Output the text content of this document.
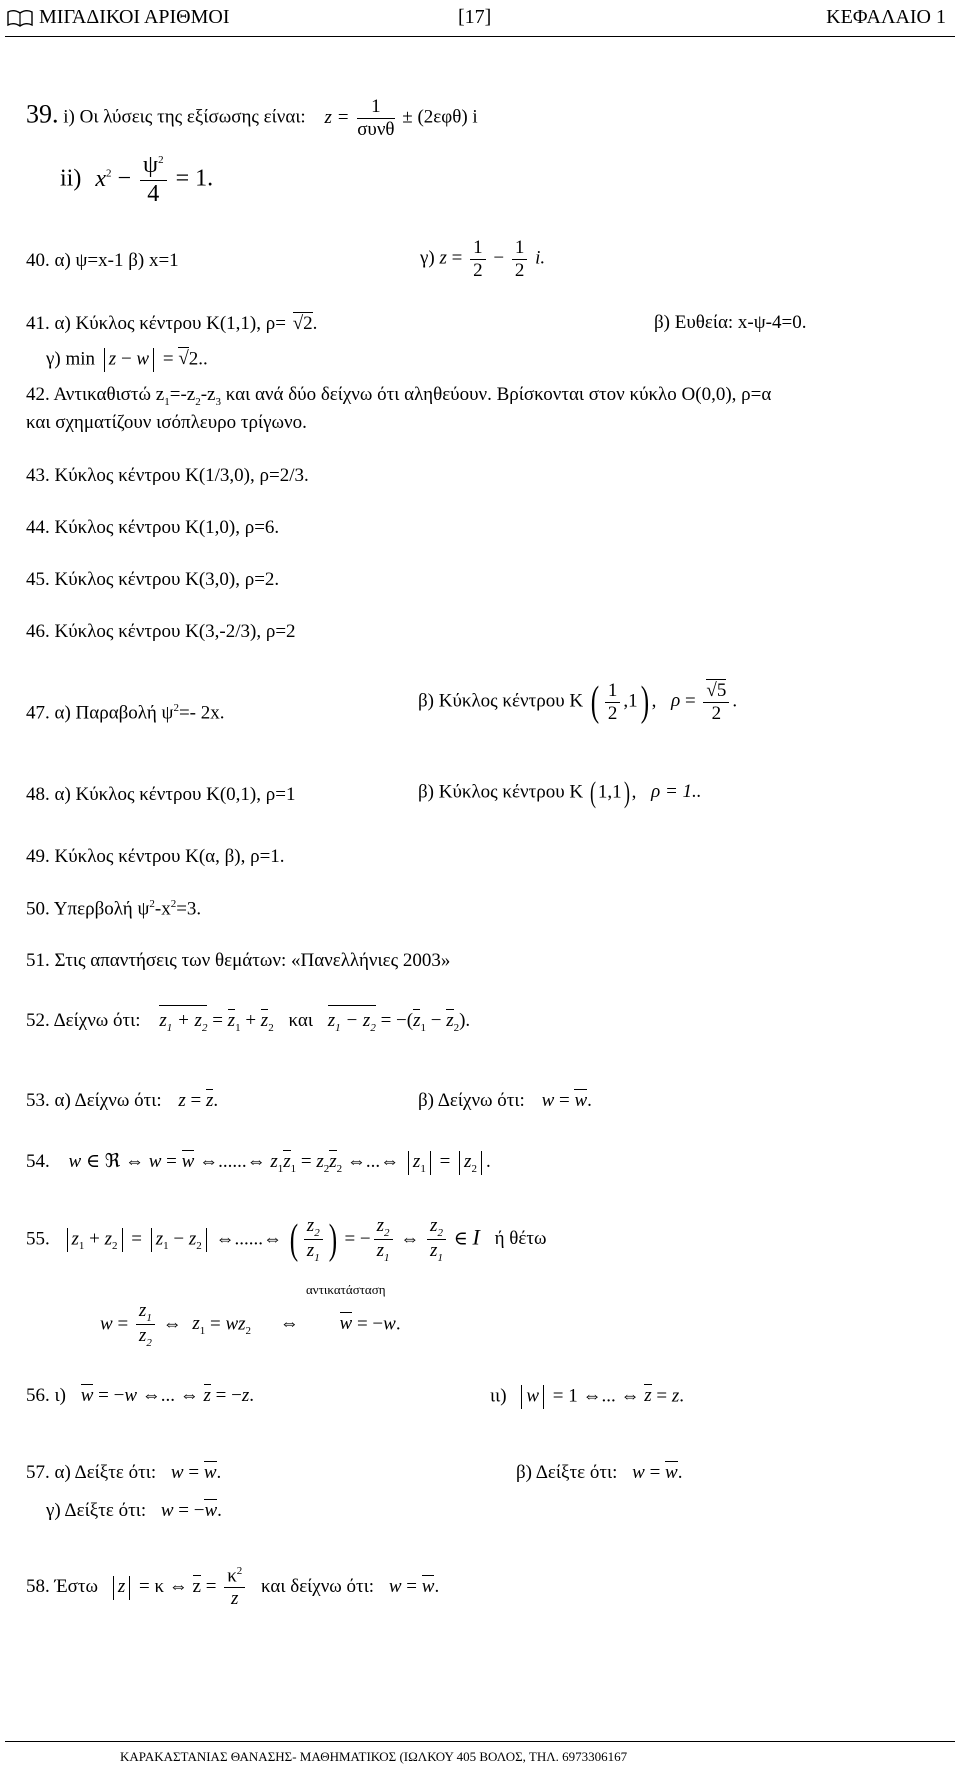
ΜΙΓΑΔΙΚΟΙ ΑΡΙΘΜΟΙ	[17]	ΚΕΦΑΛΑΙΟ 1
39. i) Οι λύσεις της εξίσωσης είναι: $z = \frac{1}{\text{συνθ}} \pm (2\varepsilon\varphi\theta)$ i
ii) $x^2 - \frac{\psi^2}{4} = 1$.
40. α) ψ=x-1 β) x=1	γ) $z = \frac{1}{2} - \frac{1}{2} i$.
41. α) Κύκλος κέντρου Κ(1,1), ρ= √2.	β) Ευθεία: x-ψ-4=0.
γ) min z − w = √2..
42. Αντικαθιστώ $z_1=-z_2-z_3$ και ανά δύο δείχνω ότι αληθεύουν. Βρίσκονται στον κύκλο Ο(0,0), ρ=α
και σχηματίζουν ισόπλευρο τρίγωνο.
43. Κύκλος κέντρου Κ(1/3,0), ρ=2/3.
44. Κύκλος κέντρου Κ(1,0), ρ=6.
45. Κύκλος κέντρου Κ(3,0), ρ=2.
46. Κύκλος κέντρου Κ(3,-2/3), ρ=2
47. α) Παραβολή $\psi^2=-$ 2x.
β) Κύκλος κέντρου Κ ( $\frac{1}{2} ,1$) , $\rho = \frac{√5}{2}$ .
48. α) Κύκλος κέντρου Κ(0,1), ρ=1	β) Κύκλος κέντρου Κ ( 1,1) , ρ = 1..
49. Κύκλος κέντρου Κ(α, β), ρ=1.
50. Υπερβολή $\psi^2-x^2=3$.
51. Στις απαντήσεις των θεμάτων: «Πανελλήνιες 2003»
52. Δείχνω ότι: $z_1 + z_2 = z_1 + z_2$ και $z_1 - z_2 = -(z_1 - z_2)$.
53. α) Δείχνω ότι: z = z.	β) Δείχνω ότι: w = w.
54. w ∈ ℜ ⇔ w = w ⇔......⇔ $z_1z_1 = z_2z_2$ ⇔...⇔ $z_1 = z_2$ .
55. $z_1 + z_2 = z_1 - z_2$ ⇔......⇔ ( $\frac{z_2}{z_1}$ ) = − $\frac{z_2}{z_1}$ ⇔ $\frac{z_2}{z_1}$ ∈ I ή θέτω
αντικατάσταση
$w = \frac{z_1}{z_2}$ ⇔ $z_1 = wz_2$ ⇔ w = −w.
56. ι) w = −w ⇔... ⇔ z = −z.	ιι) w = 1 ⇔... ⇔ z = z.
57. α) Δείξτε ότι: w = w.	β) Δείξτε ότι: w = w.
γ) Δείξτε ότι: w = −w.
58. Έστω z = κ ⇔ $z = \frac{\kappa^2}{z}$ και δείχνω ότι: w = w.
ΚΑΡΑΚΑΣΤΑΝΙΑΣ ΘΑΝΑΣΗΣ- ΜΑΘΗΜΑΤΙΚΟΣ (ΙΩΛΚΟΥ 405 ΒΟΛΟΣ, ΤΗΛ. 6973306167
